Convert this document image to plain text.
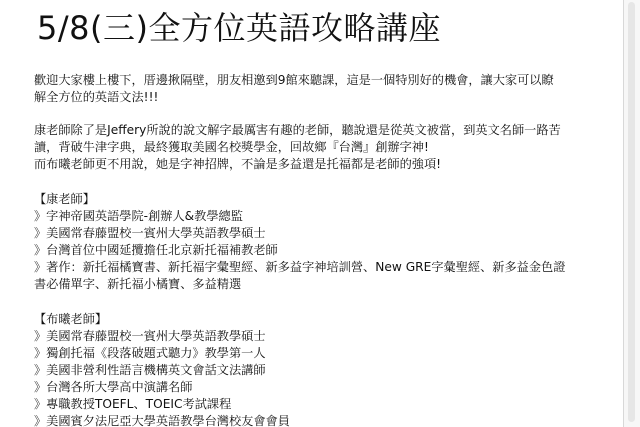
5/8(三)全方位英語攻略講座
歡迎大家樓上樓下，厝邊揪隔壁，朋友相邀到9館來聽課，這是一個特別好的機會，讓大家可以瞭
解全方位的英語文法!!!
康老師除了是Jeffery所說的說文解字最厲害有趣的老師，聽說還是從英文被當，到英文名師一路苦
讀，背破牛津字典，最終獲取美國名校獎學金，回故鄉『台灣』創辦字神!
而布曦老師更不用說，她是字神招牌，不論是多益還是托福都是老師的強項!
【康老師】
》字神帝國英語學院-創辦人&教學總監
》美國常春藤盟校一賓州大學英語教學碩士
》台灣首位中國延攬擔任北京新托福補教老師
》著作：新托福橘寶書、新托福字彙聖經、新多益字神培訓營、New GRE字彙聖經、新多益金色證
書必備單字、新托福小橘寶、多益精選
【布曦老師】
》美國常春藤盟校一賓州大學英語教學碩士
》獨創托福《段落破題式聽力》教學第一人
》美國非營利性語言機構英文會話文法講師
》台灣各所大學高中演講名師
》專職教授TOEFL、TOEIC考試課程
》美國賓夕法尼亞大學英語教學台灣校友會會員
